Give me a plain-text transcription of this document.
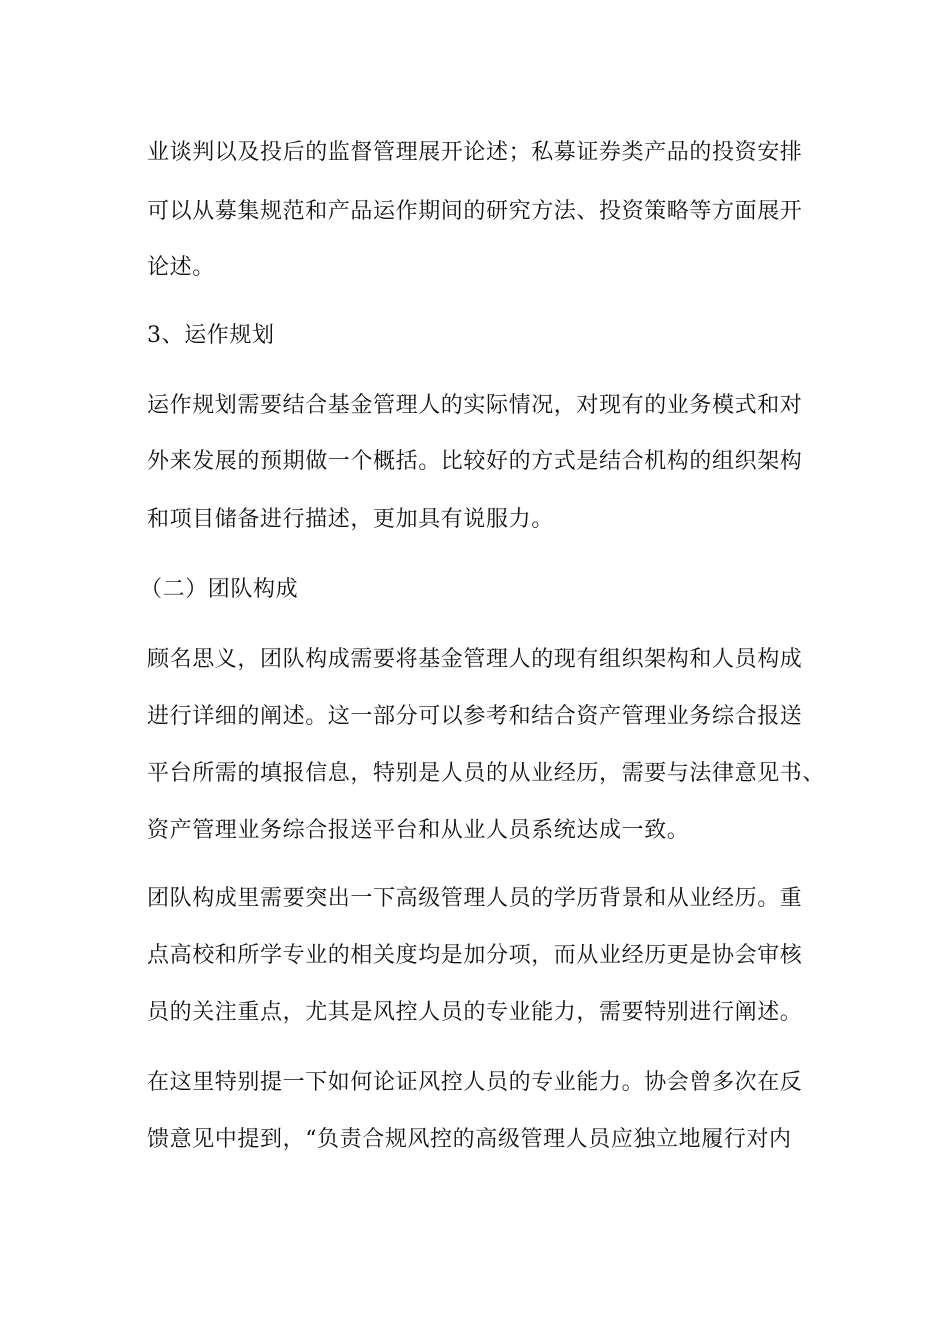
业谈判以及投后的监督管理展开论述；私募证券类产品的投资安排
可以从募集规范和产品运作期间的研究方法、投资策略等方面展开
论述。
3、运作规划
运作规划需要结合基金管理人的实际情况，对现有的业务模式和对
外来发展的预期做一个概括。比较好的方式是结合机构的组织架构
和项目储备进行描述，更加具有说服力。
（二）团队构成
顾名思义，团队构成需要将基金管理人的现有组织架构和人员构成
进行详细的阐述。这一部分可以参考和结合资产管理业务综合报送
平台所需的填报信息，特别是人员的从业经历，需要与法律意见书、
资产管理业务综合报送平台和从业人员系统达成一致。
团队构成里需要突出一下高级管理人员的学历背景和从业经历。重
点高校和所学专业的相关度均是加分项，而从业经历更是协会审核
员的关注重点，尤其是风控人员的专业能力，需要特别进行阐述。
在这里特别提一下如何论证风控人员的专业能力。协会曾多次在反
馈意见中提到，“负责合规风控的高级管理人员应独立地履行对内
